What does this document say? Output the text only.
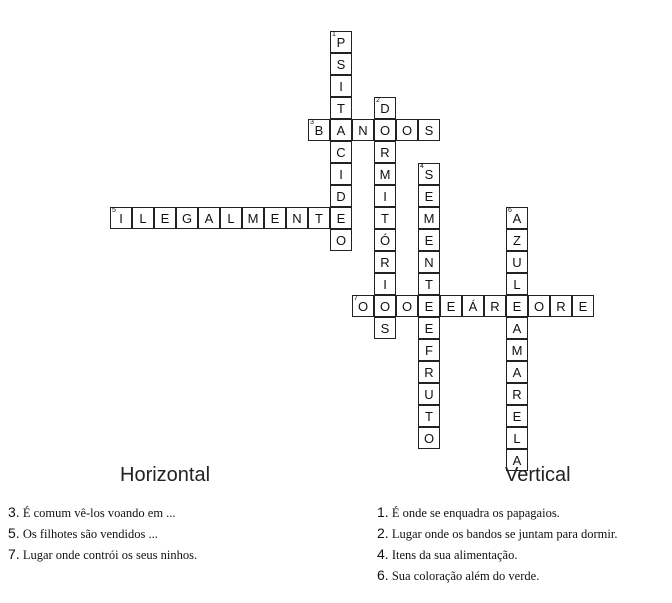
1
P
S
I
T
A
C
I
D
E
O
2
D
O
R
M
I
T
Ó
R
I
O
S
3
B	N	O S
4
S
E
M
E
N
T
E
E
F
R
U
T
O
5
I	L	E G A	L M E N	T
6
A
Z
U
L
E
A
M
A
R
E
L
A
7
O	O	E	Á R	O R E
Horizontal	Vertical
3. É comum vê-los voando em ...
5. Os filhotes são vendidos ...
7. Lugar onde contrói os seus ninhos.
1. É onde se enquadra os papagaios.
2. Lugar onde os bandos se juntam para dormir.
4. Itens da sua alimentação.
6. Sua coloração além do verde.
